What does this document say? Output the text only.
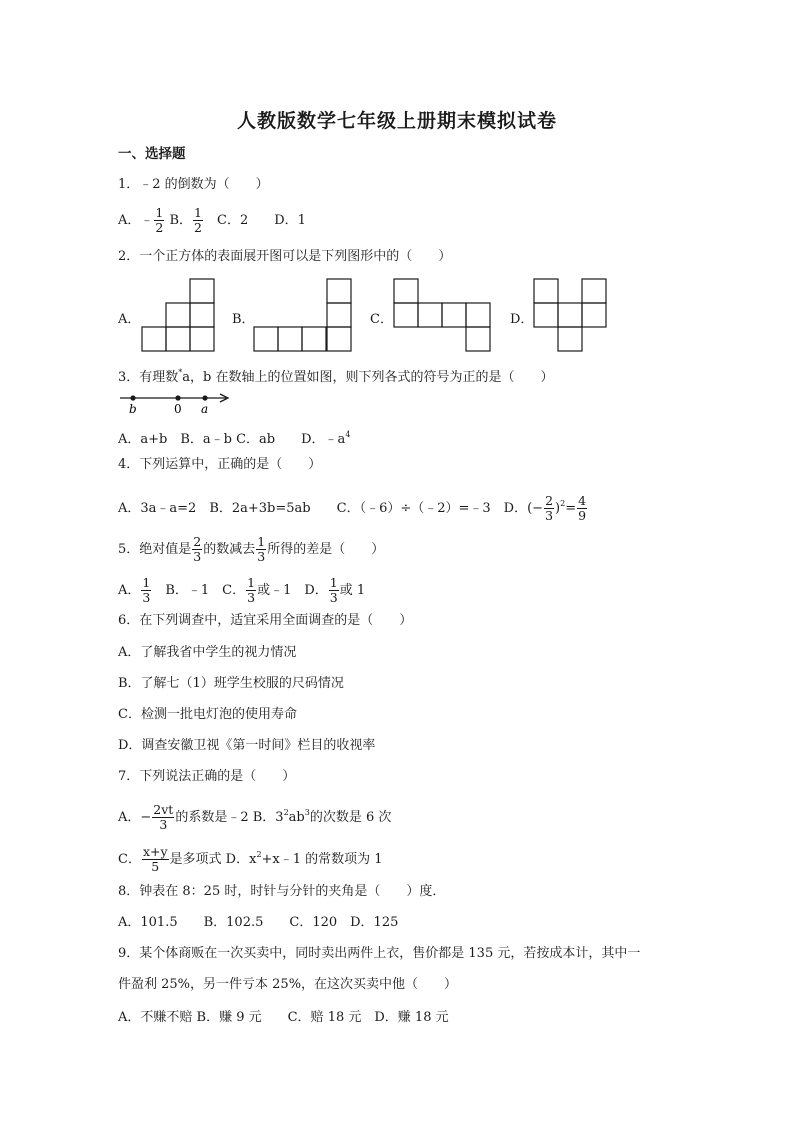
人教版数学七年级上册期末模拟试卷
一、选择题
1．﹣2 的倒数为（　　）
A．﹣ $\frac{1}{2}$ B． $\frac{1}{2}$ 　C．2　　D．1
2．一个正方体的表面展开图可以是下列图形中的（　　）
A．	B．	C．	D．
3．有理数*a，b 在数轴上的位置如图，则下列各式的符号为正的是（　　）
b	0 a
A．a+b　B．a﹣b C．ab　　D．$﹣a^4$
4．下列运算中，正确的是（　　）
A．3a﹣a=2　B．2a+3b=5ab　　C．（﹣6）÷（﹣2）=﹣3　D．(− $\frac{2}{3} )^2= \frac{4}{9}$
5．绝对值是 $\frac{2}{3}$ 的数减去 $\frac{1}{3}$ 所得的差是（　　）
A． $\frac{1}{3}$ 　B．﹣1　C． $\frac{1}{3}$ 或﹣1　D． $\frac{1}{3}$ 或 1
6．在下列调查中，适宜采用全面调查的是（　　）
A．了解我省中学生的视力情况
B．了解七（1）班学生校服的尺码情况
C．检测一批电灯泡的使用寿命
D．调查安徽卫视《第一时间》栏目的收视率
7．下列说法正确的是（　　）
A．− $\frac{2vt}{3}$ 的系数是﹣2 B．$3^2ab^3$的次数是 6 次
C． $\frac{x+y}{5}$ 是多项式 D．$x^2+x﹣1$ 的常数项为 1
8．钟表在 8：25 时，时针与分针的夹角是（　　）度．
A．101.5　　B．102.5　　C．120　D．125
9．某个体商贩在一次买卖中，同时卖出两件上衣，售价都是 135 元，若按成本计，其中一
件盈利 25%，另一件亏本 25%，在这次买卖中他（　　）
A．不赚不赔 B．赚 9 元　　C．赔 18 元　D．赚 18 元
